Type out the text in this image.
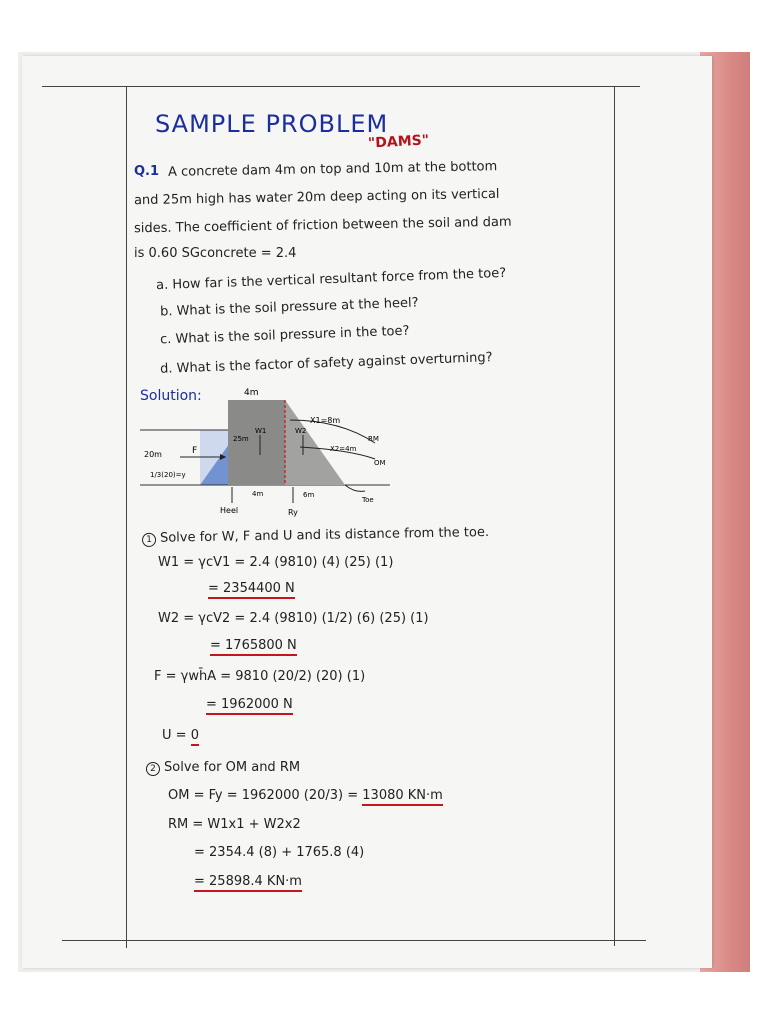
SAMPLE PROBLEM
"DAMS"
Q.1 A concrete dam 4m on top and 10m at the bottom
and 25m high has water 20m deep acting on its vertical
sides. The coefficient of friction between the soil and dam
is 0.60 SGconcrete = 2.4
a. How far is the vertical resultant force from the toe?
b. What is the soil pressure at the heel?
c. What is the soil pressure in the toe?
d. What is the factor of safety against overturning?
Solution:	4m
X1=8m
X2=4m
RM
OM
20m	F
1/3(20)=y
25m
W1	W2
4m	6m
Heel	Ry
Toe
1 Solve for W, F and U and its distance from the toe.
W1 = γcV1 = 2.4 (9810) (4) (25) (1)
= 2354400 N
W2 = γcV2 = 2.4 (9810) (1/2) (6) (25) (1)
= 1765800 N
F = γwh̄A = 9810 (20/2) (20) (1)
= 1962000 N
U = 0
2 Solve for OM and RM
OM = Fy = 1962000 (20/3) = 13080 KN·m
RM = W1x1 + W2x2
= 2354.4 (8) + 1765.8 (4)
= 25898.4 KN·m
